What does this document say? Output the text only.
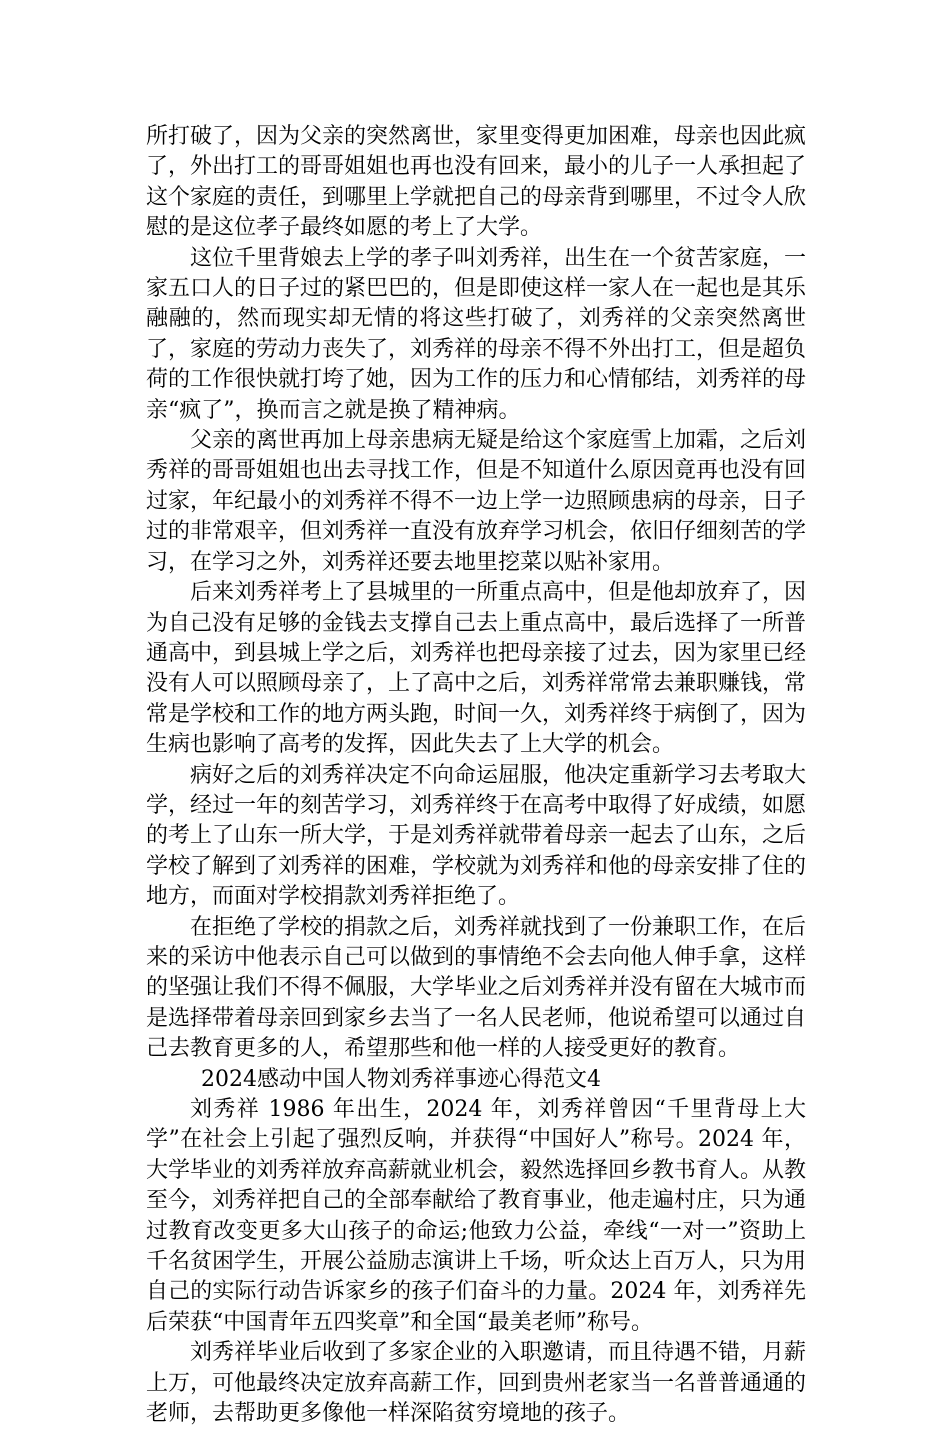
所打破了，因为父亲的突然离世，家里变得更加困难，母亲也因此疯了，外出打工的哥哥姐姐也再也没有回来，最小的儿子一人承担起了这个家庭的责任，到哪里上学就把自己的母亲背到哪里，不过令人欣慰的是这位孝子最终如愿的考上了大学。

这位千里背娘去上学的孝子叫刘秀祥，出生在一个贫苦家庭，一家五口人的日子过的紧巴巴的，但是即使这样一家人在一起也是其乐融融的，然而现实却无情的将这些打破了，刘秀祥的父亲突然离世了，家庭的劳动力丧失了，刘秀祥的母亲不得不外出打工，但是超负荷的工作很快就打垮了她，因为工作的压力和心情郁结，刘秀祥的母亲“疯了”，换而言之就是换了精神病。

父亲的离世再加上母亲患病无疑是给这个家庭雪上加霜，之后刘秀祥的哥哥姐姐也出去寻找工作，但是不知道什么原因竟再也没有回过家，年纪最小的刘秀祥不得不一边上学一边照顾患病的母亲，日子过的非常艰辛，但刘秀祥一直没有放弃学习机会，依旧仔细刻苦的学习，在学习之外，刘秀祥还要去地里挖菜以贴补家用。

后来刘秀祥考上了县城里的一所重点高中，但是他却放弃了，因为自己没有足够的金钱去支撑自己去上重点高中，最后选择了一所普通高中，到县城上学之后，刘秀祥也把母亲接了过去，因为家里已经没有人可以照顾母亲了，上了高中之后，刘秀祥常常去兼职赚钱，常常是学校和工作的地方两头跑，时间一久，刘秀祥终于病倒了，因为生病也影响了高考的发挥，因此失去了上大学的机会。

病好之后的刘秀祥决定不向命运屈服，他决定重新学习去考取大学，经过一年的刻苦学习，刘秀祥终于在高考中取得了好成绩，如愿的考上了山东一所大学，于是刘秀祥就带着母亲一起去了山东，之后学校了解到了刘秀祥的困难，学校就为刘秀祥和他的母亲安排了住的地方，而面对学校捐款刘秀祥拒绝了。

在拒绝了学校的捐款之后，刘秀祥就找到了一份兼职工作，在后来的采访中他表示自己可以做到的事情绝不会去向他人伸手拿，这样的坚强让我们不得不佩服，大学毕业之后刘秀祥并没有留在大城市而是选择带着母亲回到家乡去当了一名人民老师，他说希望可以通过自己去教育更多的人，希望那些和他一样的人接受更好的教育。

2024感动中国人物刘秀祥事迹心得范文4

刘秀祥 1986 年出生，2024 年，刘秀祥曾因“千里背母上大学”在社会上引起了强烈反响，并获得“中国好人”称号。2024 年，大学毕业的刘秀祥放弃高薪就业机会，毅然选择回乡教书育人。从教至今，刘秀祥把自己的全部奉献给了教育事业，他走遍村庄，只为通过教育改变更多大山孩子的命运;他致力公益，牵线“一对一”资助上千名贫困学生，开展公益励志演讲上千场，听众达上百万人，只为用自己的实际行动告诉家乡的孩子们奋斗的力量。2024 年，刘秀祥先后荣获“中国青年五四奖章”和全国“最美老师”称号。

刘秀祥毕业后收到了多家企业的入职邀请，而且待遇不错，月薪上万，可他最终决定放弃高薪工作，回到贵州老家当一名普普通通的老师，去帮助更多像他一样深陷贫穷境地的孩子。
